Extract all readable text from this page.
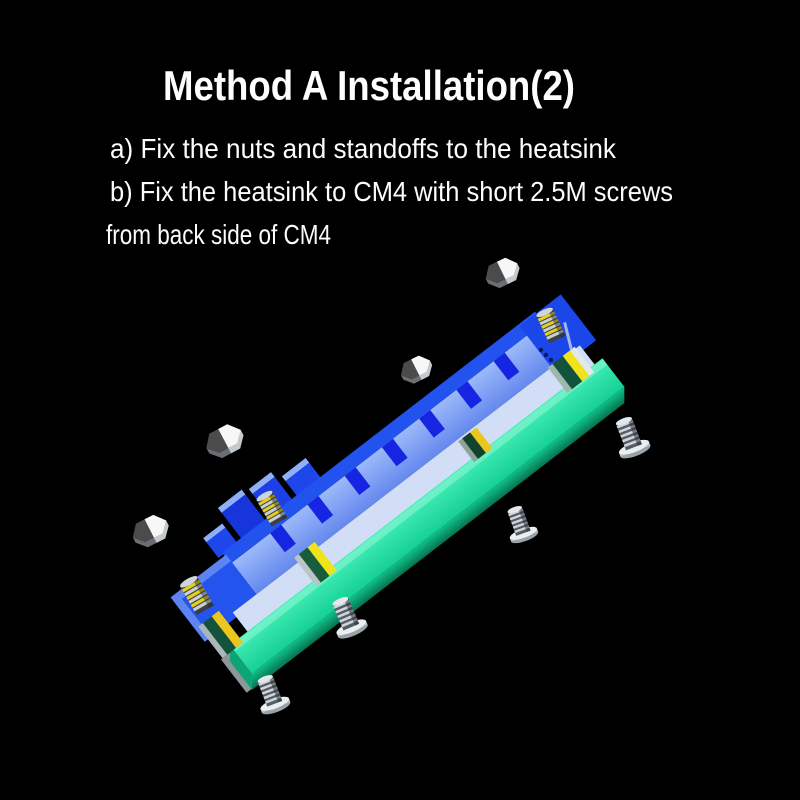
Method A Installation(2)
a) Fix the nuts and standoffs to the heatsink
b) Fix the heatsink to CM4 with short 2.5M screws
from back side of CM4
